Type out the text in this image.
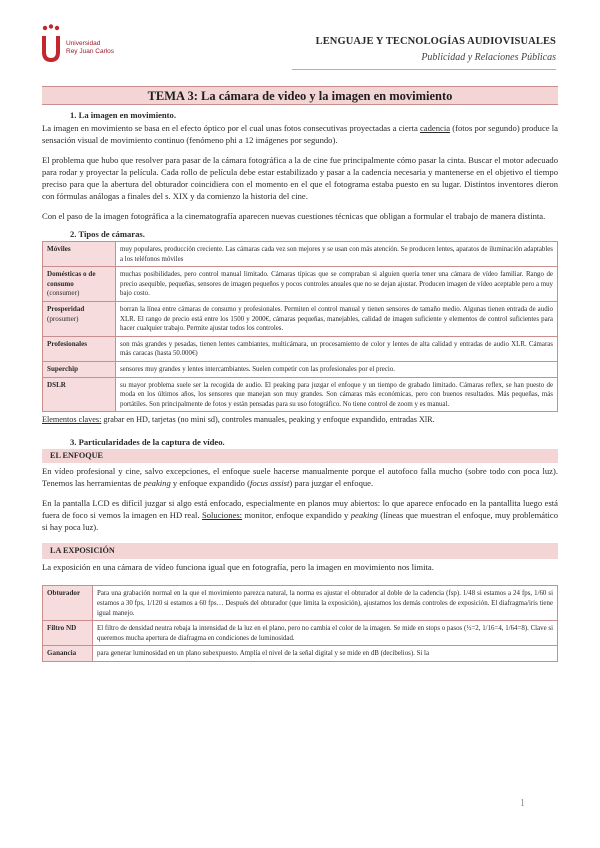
Universidad
Rey Juan Carlos
LENGUAJE Y TECNOLOGÍAS AUDIOVISUALES
Publicidad y Relaciones Públicas
TEMA 3: La cámara de video y la imagen en movimiento
1. La imagen en movimiento.

La imagen en movimiento se basa en el efecto óptico por el cual unas fotos consecutivas proyectadas a cierta cadencia (fotos por segundo) produce la sensación visual de movimiento continuo (fenómeno phi a 12 imágenes por segundo).

El problema que hubo que resolver para pasar de la cámara fotográfica a la de cine fue principalmente cómo pasar la cinta. Buscar el motor adecuado para rodar y proyectar la película. Cada rollo de película debe estar estabilizado y pasar a la cadencia necesaria y mantenerse en el objetivo el tiempo preciso para que la abertura del obturador coincidiera con el momento en el que el fotograma estaba puesto en su lugar. Distintos inventores dieron con fórmulas análogas a finales del s. XIX y da comienzo la historia del cine.

Con el paso de la imagen fotográfica a la cinematografía aparecen nuevas cuestiones técnicas que obligan a formular el trabajo de manera distinta.

2. Tipos de cámaras.
Móviles	muy populares, producción creciente. Las cámaras cada vez son mejores y se usan con más atención. Se producen lentes, aparatos de iluminación adaptables a los teléfonos móviles
Domésticas o de consumo
(consumer)	muchas posibilidades, pero control manual limitado. Cámaras típicas que se compraban si alguien quería tener una cámara de vídeo familiar. Rango de precio asequible, pequeñas, sensores de imagen pequeños y pocos controles anuales que no se dejan ajustar. Producen imagen de vídeo aceptable pero a muy bajo costo.
Prosperidad
(prosumer)	borran la línea entre cámaras de consumo y profesionales. Permiten el control manual y tienen sensores de tamaño medio. Algunas tienen entrada de audio XLR. El rango de precio está entre los 1500 y 2000€, cámaras pequeñas, manejables, calidad de imagen suficiente y elementos de control suficientes para hacer cualquier trabajo. Permite ajustar todos los controles.
Profesionales	son más grandes y pesadas, tienen lentes cambiantes, multicámara, un procesamiento de color y lentes de alta calidad y entradas de audio XLR. Cámaras más caracas (hasta 50.000€)
Superchip	sensores muy grandes y lentes intercambiantes. Suelen competir con las profesionales por el precio.
DSLR	su mayor problema suele ser la recogida de audio. El peaking para juzgar el enfoque y un tiempo de grabado limitado. Cámaras reflex, se han puesto de moda en los últimos años, los sensores que manejan son muy grandes. Son cámaras más económicas, pero con buenos resultados. Más pequeñas, más portátiles. Son principalmente de fotos y están pensadas para su uso fotográfico. No tiene control de zoom y es manual.
Elementos claves: grabar en HD, tarjetas (no mini sd), controles manuales, peaking y enfoque expandido, entradas XlR.
3. Particularidades de la captura de vídeo.
EL ENFOQUE

En vídeo profesional y cine, salvo excepciones, el enfoque suele hacerse manualmente porque el autofoco falla mucho (sobre todo con poca luz). Tenemos las herramientas de peaking y enfoque expandido (focus assist) para juzgar el enfoque.

En la pantalla LCD es difícil juzgar si algo está enfocado, especialmente en planos muy abiertos: lo que aparece enfocado en la pantallita luego está fuera de foco si vemos la imagen en HD real. Soluciones: monitor, enfoque expandido y peaking (líneas que muestran el enfoque, muy problemático si hay poca luz).

LA EXPOSICIÓN

La exposición en una cámara de vídeo funciona igual que en fotografía, pero la imagen en movimiento nos limita.

Obturador	Para una grabación normal en la que el movimiento parezca natural, la norma es ajustar el obturador al doble de la cadencia (fsp). 1/48 si estamos a 24 fps, 1/60 si estamos a 30 fps, 1/120 si estamos a 60 fps… Después del obturador (que limita la exposición), ajustamos los demás controles de exposición. El diafragma/iris tiene igual manejo.
Filtro ND	El filtro de densidad neutra rebaja la intensidad de la luz en el plano, pero no cambia el color de la imagen. Se mide en stops o pasos (½=2, 1/16=4, 1/64=8). Clave si queremos mucha apertura de diafragma en condiciones de luminosidad.
Ganancia	para generar luminosidad en un plano subexpuesto. Amplía el nivel de la señal digital y se mide en dB (decibelios). Si la
1
